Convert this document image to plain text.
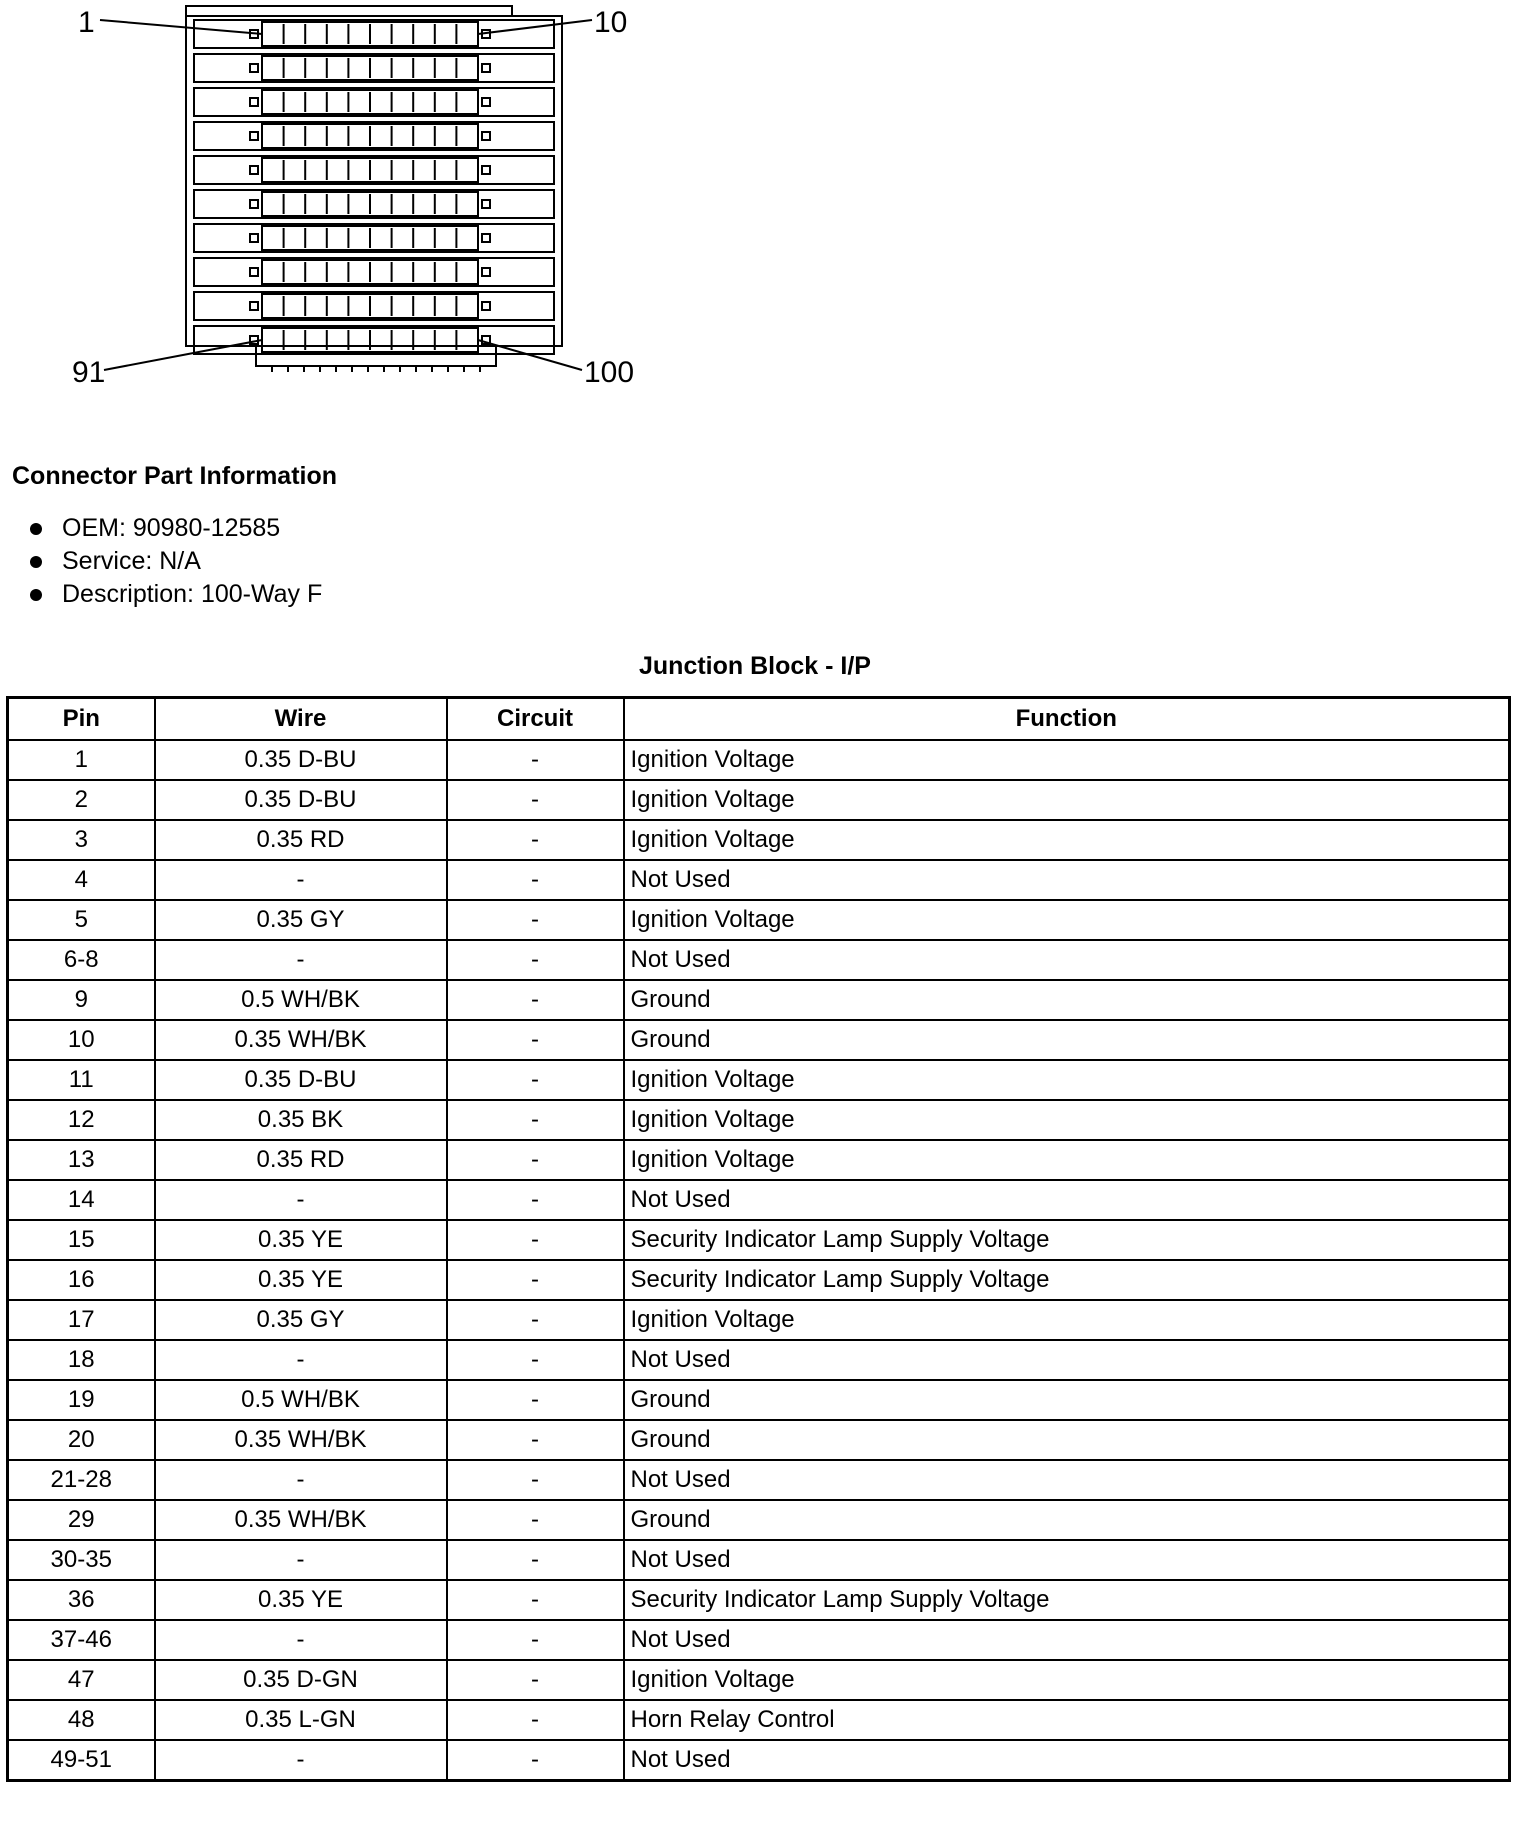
1	10
91	100
Connector Part Information
OEM: 90980-12585
Service: N/A
Description: 100-Way F
Junction Block - I/P
Pin	Wire	Circuit	Function
1	0.35 D-BU	-	Ignition Voltage
2	0.35 D-BU	-	Ignition Voltage
3	0.35 RD	-	Ignition Voltage
4	-	-	Not Used
5	0.35 GY	-	Ignition Voltage
6-8	-	-	Not Used
9	0.5 WH/BK	-	Ground
10	0.35 WH/BK	-	Ground
11	0.35 D-BU	-	Ignition Voltage
12	0.35 BK	-	Ignition Voltage
13	0.35 RD	-	Ignition Voltage
14	-	-	Not Used
15	0.35 YE	-	Security Indicator Lamp Supply Voltage
16	0.35 YE	-	Security Indicator Lamp Supply Voltage
17	0.35 GY	-	Ignition Voltage
18	-	-	Not Used
19	0.5 WH/BK	-	Ground
20	0.35 WH/BK	-	Ground
21-28	-	-	Not Used
29	0.35 WH/BK	-	Ground
30-35	-	-	Not Used
36	0.35 YE	-	Security Indicator Lamp Supply Voltage
37-46	-	-	Not Used
47	0.35 D-GN	-	Ignition Voltage
48	0.35 L-GN	-	Horn Relay Control
49-51	-	-	Not Used
